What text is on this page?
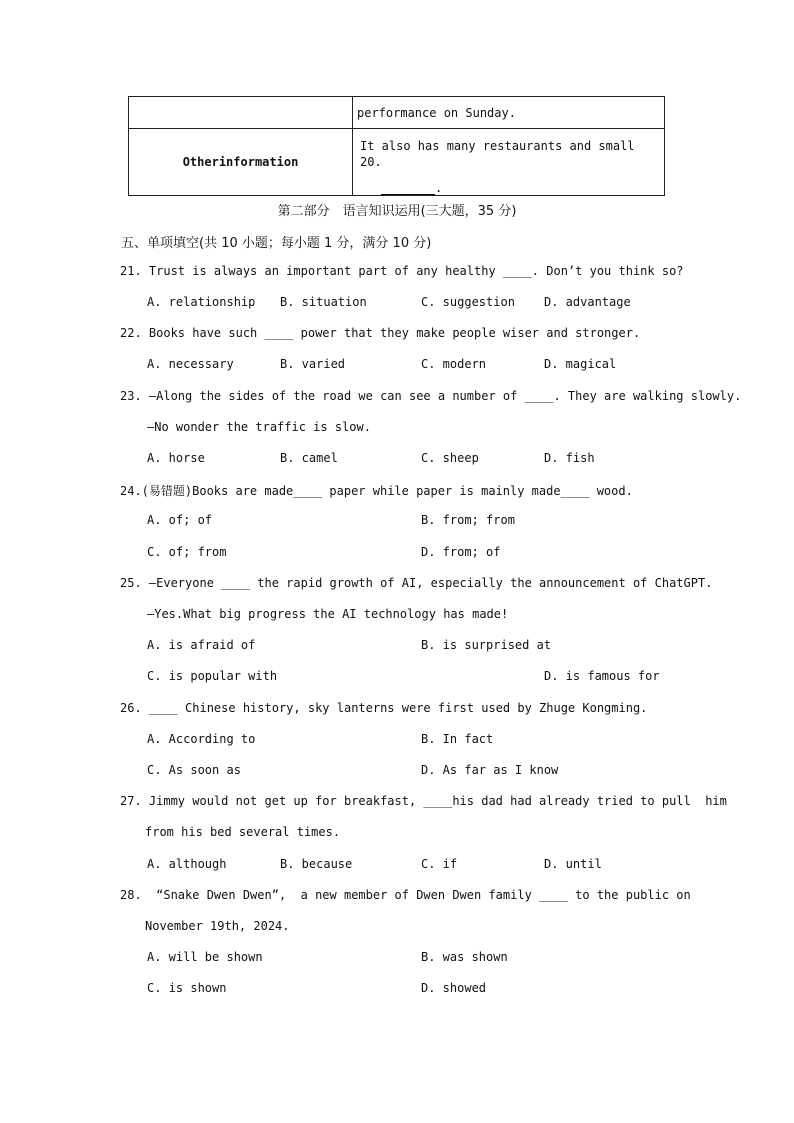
	performance on Sunday.

Otherinformation	It also has many restaurants and small 20.
.
第二部分　语言知识运用(三大题，35 分)
五、单项填空(共 10 小题；每小题 1 分，满分 10 分)
21. Trust is always an important part of any healthy ____. Don’t you think so?
A. relationship B. situation	C. suggestion D. advantage
22. Books have such ____ power that they make people wiser and stronger.
A. necessary	B. varied	C. modern	D. magical
23. —Along the sides of the road we can see a number of ____. They are walking slowly.
—No wonder the traffic is slow.
A. horse	B. camel	C. sheep	D. fish
24.(易错题)Books are made____ paper while paper is mainly made____ wood.
A. of; of	B. from; from
C. of; from	D. from; of
25. —Everyone ____ the rapid growth of AI, especially the announcement of ChatGPT.
—Yes.What big progress the AI technology has made!
A. is afraid of	B. is surprised at
C. is popular with	D. is famous for
26. ____ Chinese history, sky lanterns were first used by Zhuge Kongming.
A. According to	B. In fact
C. As soon as	D. As far as I know
27. Jimmy would not get up for breakfast, ____his dad had already tried to pull  him
from his bed several times.
A. although	B. because	C. if	D. until
28.  “Snake Dwen Dwen”,  a new member of Dwen Dwen family ____ to the public on
November 19th, 2024.
A. will be shown	B. was shown
C. is shown	D. showed
